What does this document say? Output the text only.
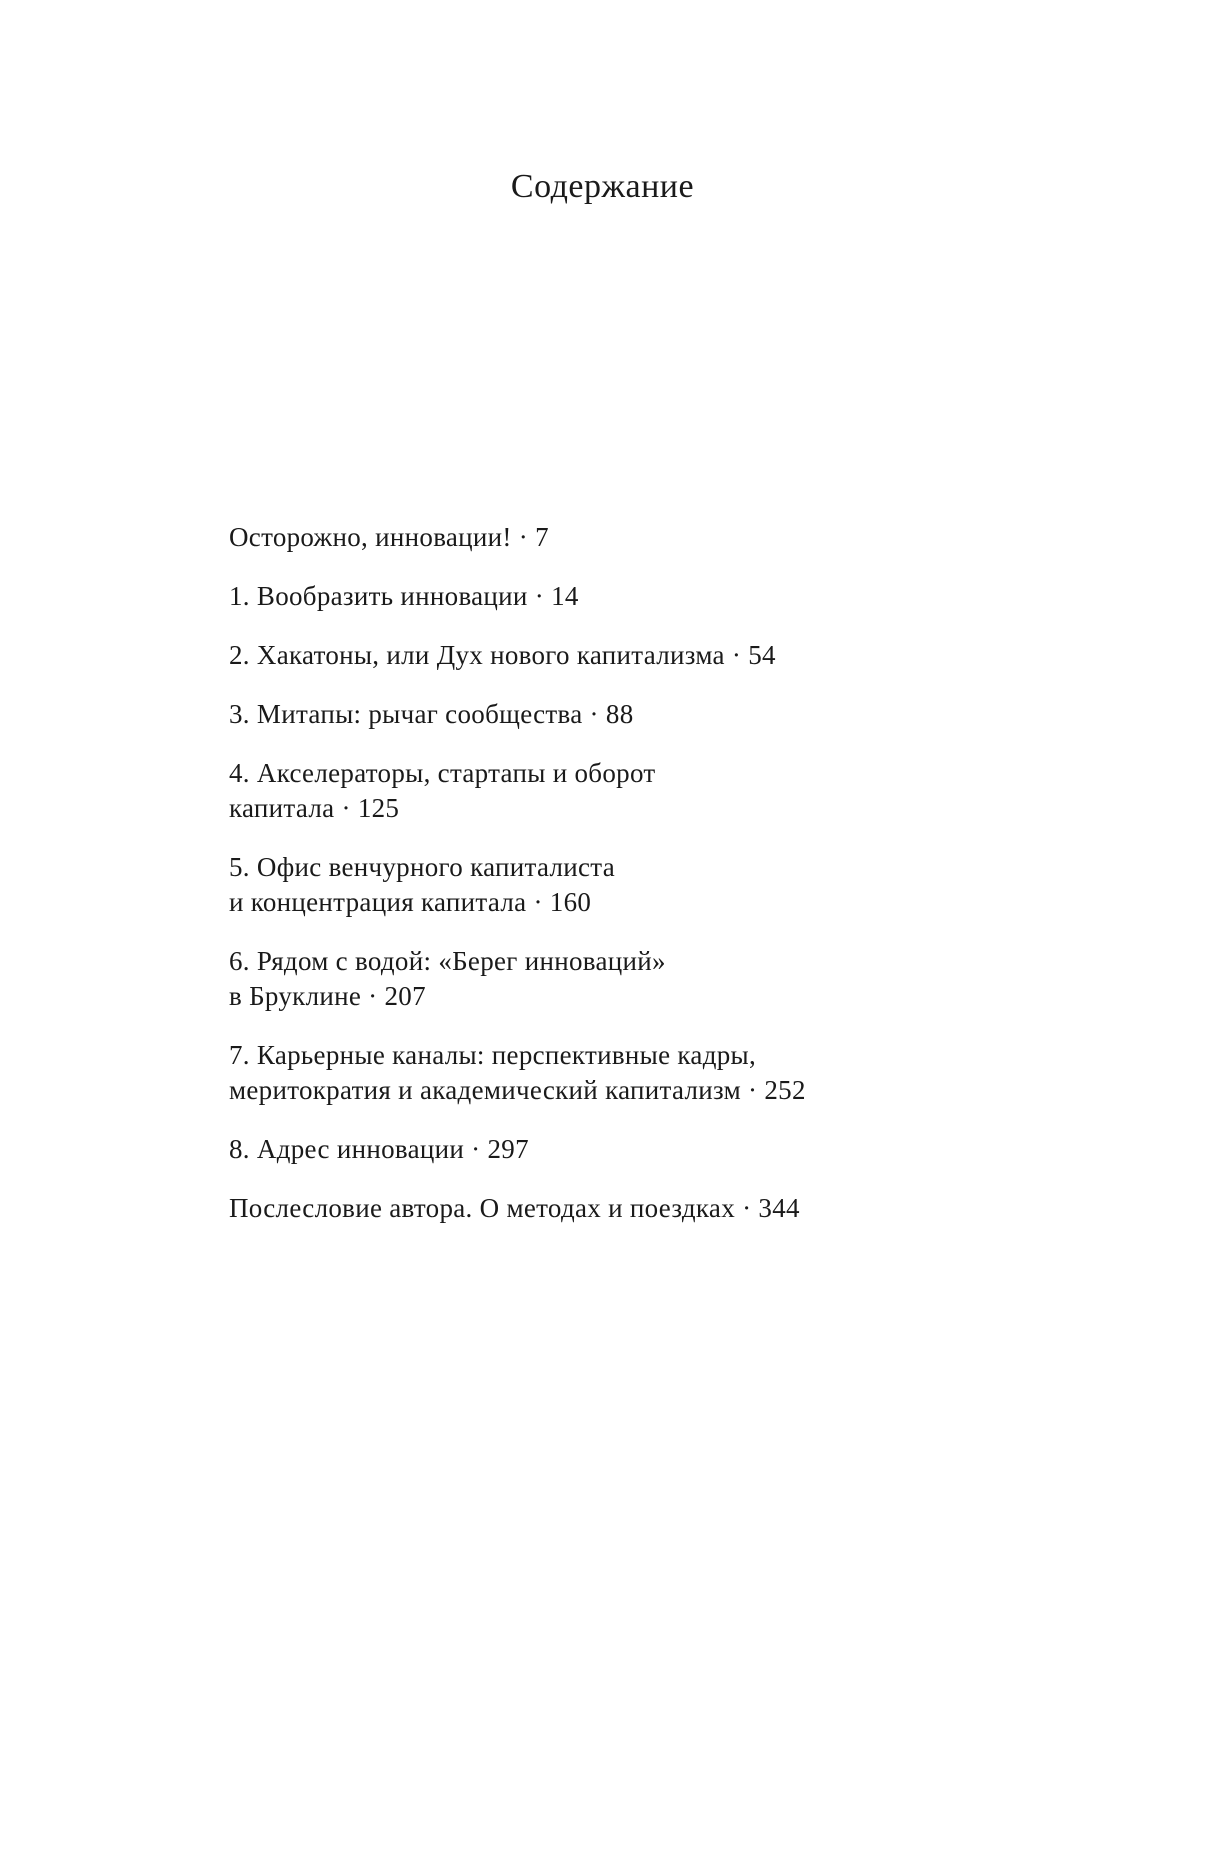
Содержание
Осторожно, инновации! · 7
1. Вообразить инновации · 14
2. Хакатоны, или Дух нового капитализма · 54
3. Митапы: рычаг сообщества · 88
4. Акселераторы, стартапы и оборот
капитала · 125
5. Офис венчурного капиталиста
и концентрация капитала · 160
6. Рядом с водой: «Берег инноваций»
в Бруклине · 207
7. Карьерные каналы: перспективные кадры,
меритократия и академический капитализм · 252
8. Адрес инновации · 297
Послесловие автора. О методах и поездках · 344
